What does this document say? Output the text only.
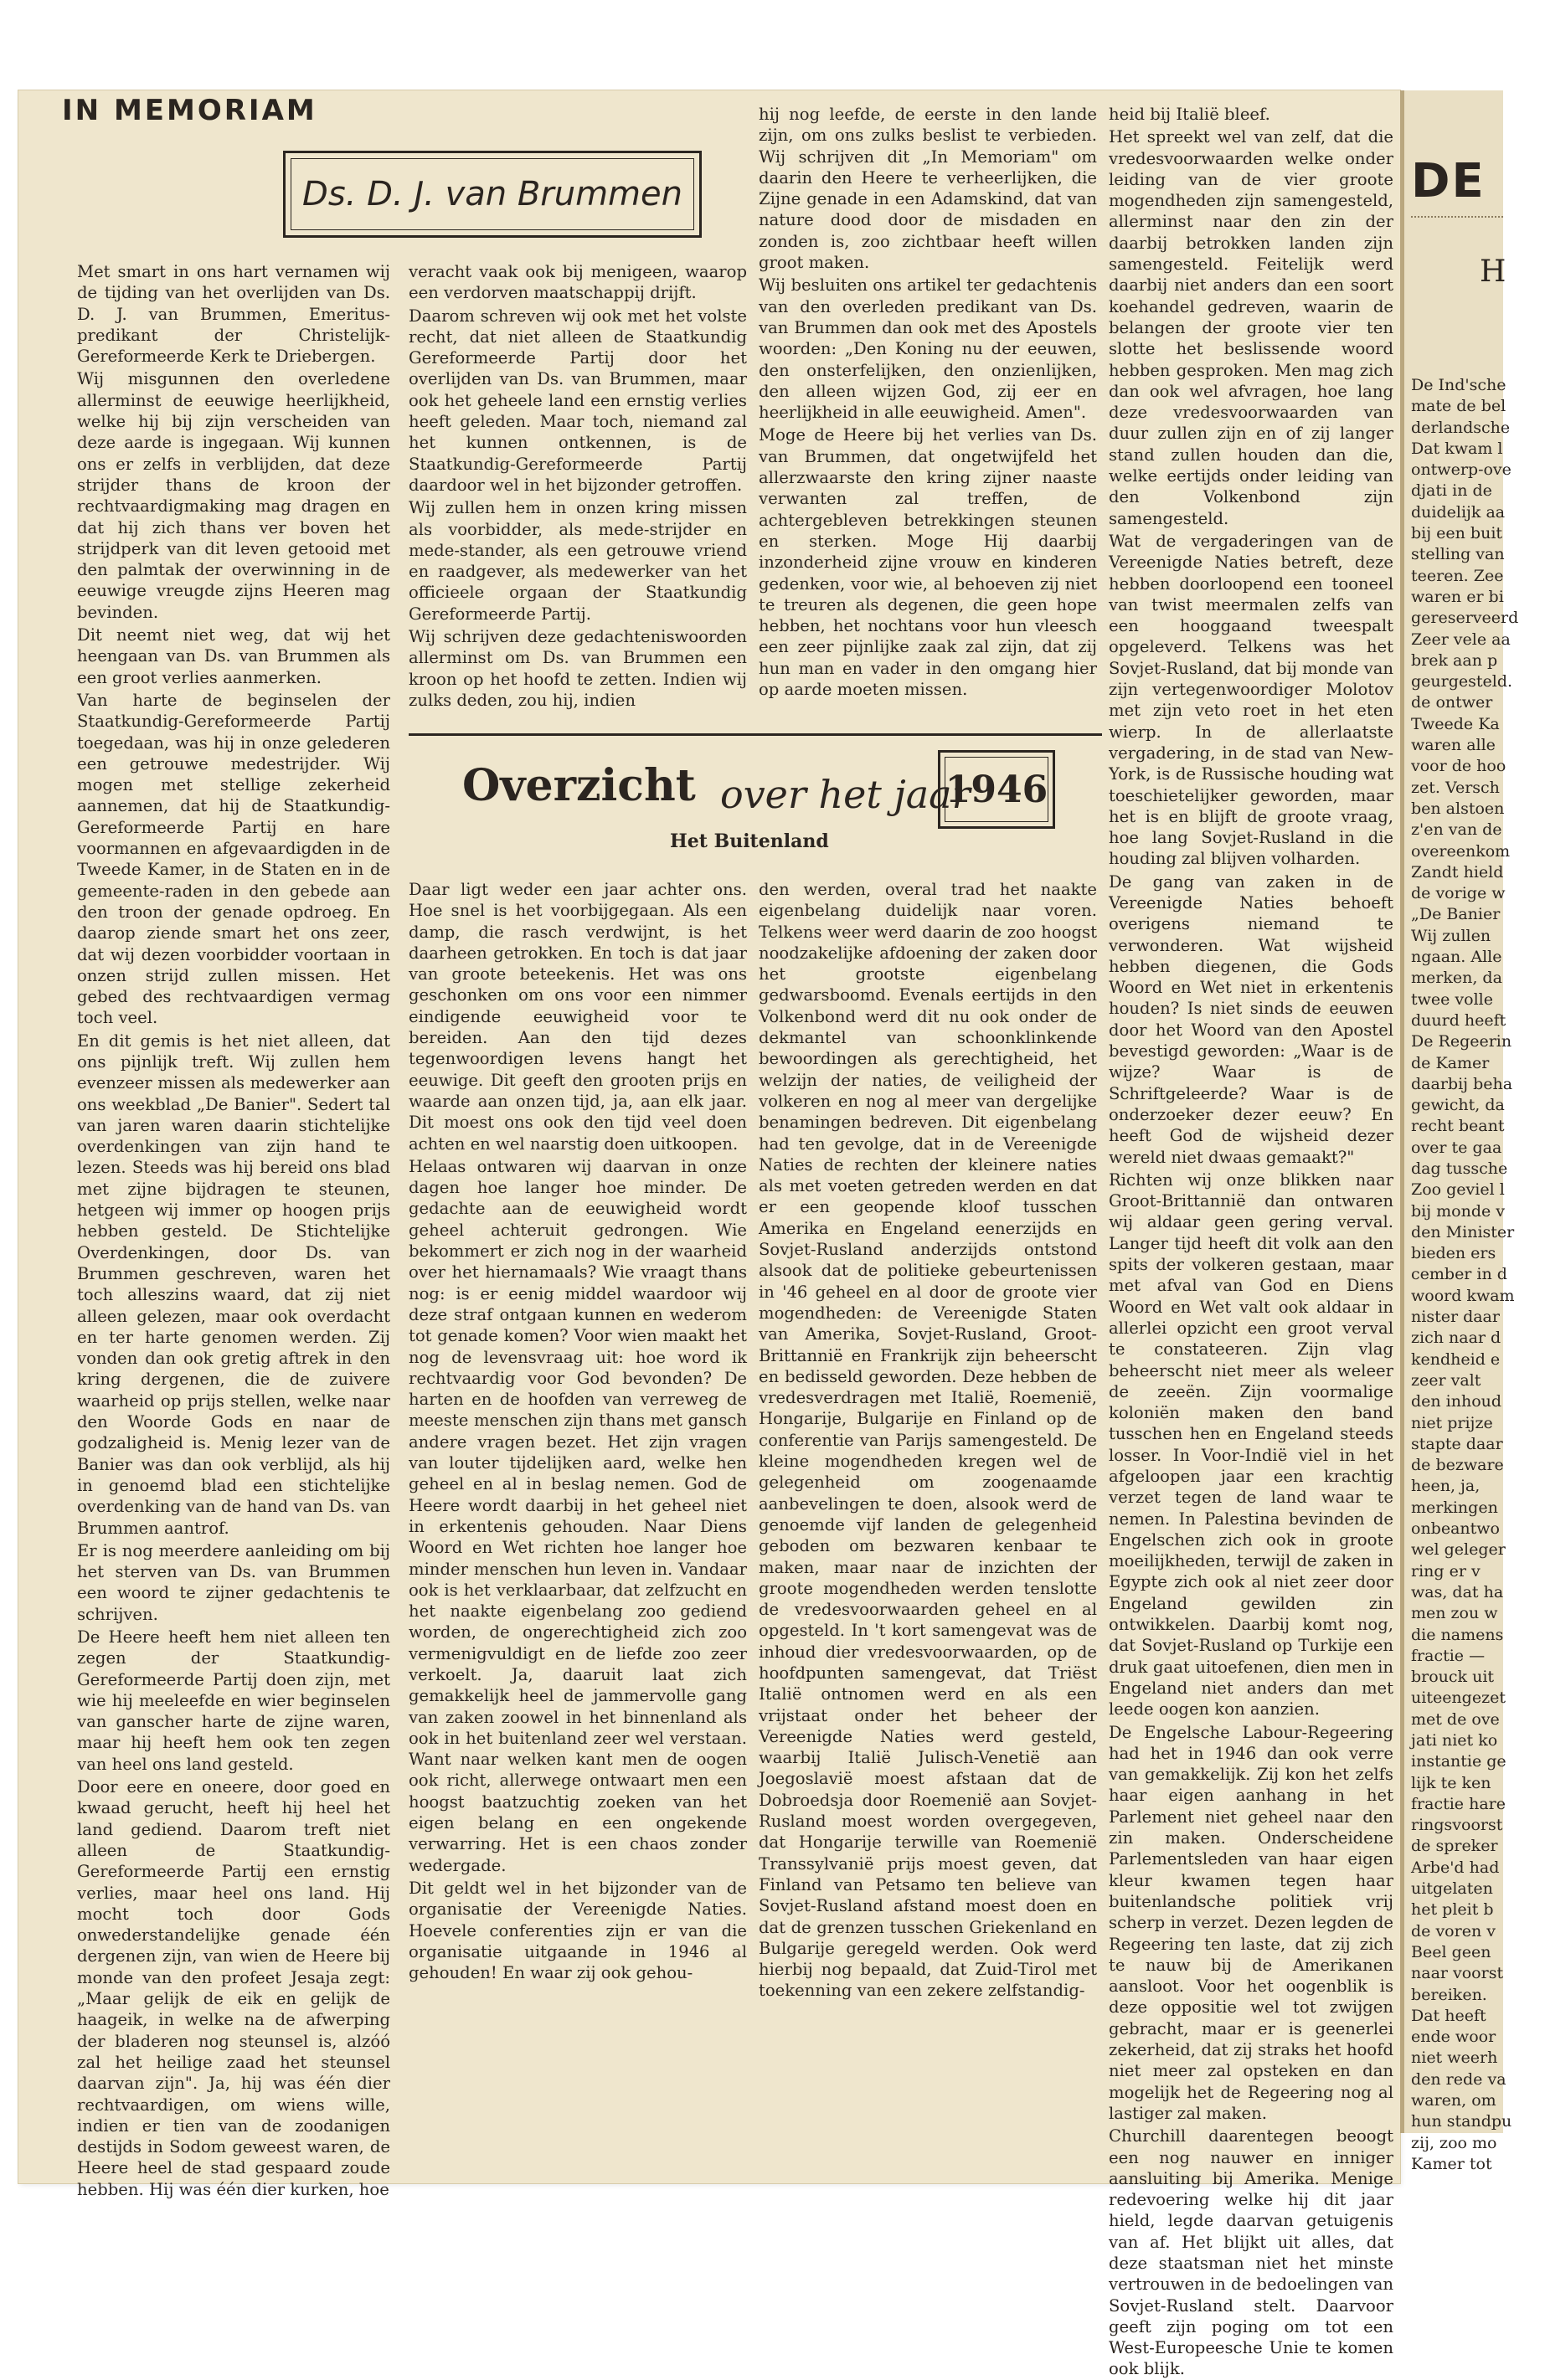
IN MEMORIAM
Ds. D. J. van Brummen

Met smart in ons hart vernamen wij de tijding van het overlijden van Ds. D. J. van Brummen, Emeritus-predikant der Christelijk-Gereformeerde Kerk te Driebergen.

Wij misgunnen den overledene allerminst de eeuwige heerlijkheid, welke hij bij zijn verscheiden van deze aarde is ingegaan. Wij kunnen ons er zelfs in verblijden, dat deze strijder thans de kroon der rechtvaardigmaking mag dragen en dat hij zich thans ver boven het strijdperk van dit leven getooid met den palmtak der overwinning in de eeuwige vreugde zijns Heeren mag bevinden.

Dit neemt niet weg, dat wij het heengaan van Ds. van Brummen als een groot verlies aanmerken.

Van harte de beginselen der Staatkundig-Gereformeerde Partij toegedaan, was hij in onze gelederen een getrouwe medestrijder. Wij mogen met stellige zekerheid aannemen, dat hij de Staatkundig-Gereformeerde Partij en hare voormannen en afgevaardigden in de Tweede Kamer, in de Staten en in de gemeente-raden in den gebede aan den troon der genade opdroeg. En daarop ziende smart het ons zeer, dat wij dezen voorbidder voortaan in onzen strijd zullen missen. Het gebed des rechtvaardigen vermag toch veel.

En dit gemis is het niet alleen, dat ons pijnlijk treft. Wij zullen hem evenzeer missen als medewerker aan ons weekblad „De Banier". Sedert tal van jaren waren daarin stichtelijke overdenkingen van zijn hand te lezen. Steeds was hij bereid ons blad met zijne bijdragen te steunen, hetgeen wij immer op hoogen prijs hebben gesteld. De Stichtelijke Overdenkingen, door Ds. van Brummen geschreven, waren het toch alleszins waard, dat zij niet alleen gelezen, maar ook overdacht en ter harte genomen werden. Zij vonden dan ook gretig aftrek in den kring dergenen, die de zuivere waarheid op prijs stellen, welke naar den Woorde Gods en naar de godzaligheid is. Menig lezer van de Banier was dan ook verblijd, als hij in genoemd blad een stichtelijke overdenking van de hand van Ds. van Brummen aantrof.

Er is nog meerdere aanleiding om bij het sterven van Ds. van Brummen een woord te zijner gedachtenis te schrijven.

De Heere heeft hem niet alleen ten zegen der Staatkundig-Gereformeerde Partij doen zijn, met wie hij meeleefde en wier beginselen van ganscher harte de zijne waren, maar hij heeft hem ook ten zegen van heel ons land gesteld.

Door eere en oneere, door goed en kwaad gerucht, heeft hij heel het land gediend. Daarom treft niet alleen de Staatkundig-Gereformeerde Partij een ernstig verlies, maar heel ons land. Hij mocht toch door Gods onwederstandelijke genade één dergenen zijn, van wien de Heere bij monde van den profeet Jesaja zegt: „Maar gelijk de eik en gelijk de haageik, in welke na de afwerping der bladeren nog steunsel is, alzóó zal het heilige zaad het steunsel daarvan zijn". Ja, hij was één dier rechtvaardigen, om wiens wille, indien er tien van de zoodanigen destijds in Sodom geweest waren, de Heere heel de stad gespaard zoude hebben. Hij was één dier kurken, hoe

veracht vaak ook bij menigeen, waarop een verdorven maatschappij drijft.

Daarom schreven wij ook met het volste recht, dat niet alleen de Staatkundig Gereformeerde Partij door het overlijden van Ds. van Brummen, maar ook het geheele land een ernstig verlies heeft geleden. Maar toch, niemand zal het kunnen ontkennen, is de Staatkundig-Gereformeerde Partij daardoor wel in het bijzonder getroffen.

Wij zullen hem in onzen kring missen als voorbidder, als mede-strijder en mede-stander, als een getrouwe vriend en raadgever, als medewerker van het officieele orgaan der Staatkundig Gereformeerde Partij.

Wij schrijven deze gedachteniswoorden allerminst om Ds. van Brummen een kroon op het hoofd te zetten. Indien wij zulks deden, zou hij, indien

hij nog leefde, de eerste in den lande zijn, om ons zulks beslist te verbieden. Wij schrijven dit „In Memoriam" om daarin den Heere te verheerlijken, die Zijne genade in een Adamskind, dat van nature dood door de misdaden en zonden is, zoo zichtbaar heeft willen groot maken.

Wij besluiten ons artikel ter gedachtenis van den overleden predikant van Ds. van Brummen dan ook met des Apostels woorden: „Den Koning nu der eeuwen, den onsterfelijken, den onzienlijken, den alleen wijzen God, zij eer en heerlijkheid in alle eeuwigheid. Amen".

Moge de Heere bij het verlies van Ds. van Brummen, dat ongetwijfeld het allerzwaarste den kring zijner naaste verwanten zal treffen, de achtergebleven betrekkingen steunen en sterken. Moge Hij daarbij inzonderheid zijne vrouw en kinderen gedenken, voor wie, al behoeven zij niet te treuren als degenen, die geen hope hebben, het nochtans voor hun vleesch een zeer pijnlijke zaak zal zijn, dat zij hun man en vader in den omgang hier op aarde moeten missen.

Overzicht over het jaar
1946
Het Buitenland

Daar ligt weder een jaar achter ons. Hoe snel is het voorbijgegaan. Als een damp, die rasch verdwijnt, is het daarheen getrokken. En toch is dat jaar van groote beteekenis. Het was ons geschonken om ons voor een nimmer eindigende eeuwigheid voor te bereiden. Aan den tijd dezes tegenwoordigen levens hangt het eeuwige. Dit geeft den grooten prijs en waarde aan onzen tijd, ja, aan elk jaar. Dit moest ons ook den tijd veel doen achten en wel naarstig doen uitkoopen.

Helaas ontwaren wij daarvan in onze dagen hoe langer hoe minder. De gedachte aan de eeuwigheid wordt geheel achteruit gedrongen. Wie bekommert er zich nog in der waarheid over het hiernamaals? Wie vraagt thans nog: is er eenig middel waardoor wij deze straf ontgaan kunnen en wederom tot genade komen? Voor wien maakt het nog de levensvraag uit: hoe word ik rechtvaardig voor God bevonden? De harten en de hoofden van verreweg de meeste menschen zijn thans met gansch andere vragen bezet. Het zijn vragen van louter tijdelijken aard, welke hen geheel en al in beslag nemen. God de Heere wordt daarbij in het geheel niet in erkentenis gehouden. Naar Diens Woord en Wet richten hoe langer hoe minder menschen hun leven in. Vandaar ook is het verklaarbaar, dat zelfzucht en het naakte eigenbelang zoo gediend worden, de ongerechtigheid zich zoo vermenigvuldigt en de liefde zoo zeer verkoelt. Ja, daaruit laat zich gemakkelijk heel de jammervolle gang van zaken zoowel in het binnenland als ook in het buitenland zeer wel verstaan. Want naar welken kant men de oogen ook richt, allerwege ontwaart men een hoogst baatzuchtig zoeken van het eigen belang en een ongekende verwarring. Het is een chaos zonder wedergade.

Dit geldt wel in het bijzonder van de organisatie der Vereenigde Naties. Hoevele conferenties zijn er van die organisatie uitgaande in 1946 al gehouden! En waar zij ook gehou-

den werden, overal trad het naakte eigenbelang duidelijk naar voren. Telkens weer werd daarin de zoo hoogst noodzakelijke afdoening der zaken door het grootste eigenbelang gedwarsboomd. Evenals eertijds in den Volkenbond werd dit nu ook onder de dekmantel van schoonklinkende bewoordingen als gerechtigheid, het welzijn der naties, de veiligheid der volkeren en nog al meer van dergelijke benamingen bedreven. Dit eigenbelang had ten gevolge, dat in de Vereenigde Naties de rechten der kleinere naties als met voeten getreden werden en dat er een geopende kloof tusschen Amerika en Engeland eenerzijds en Sovjet-Rusland anderzijds ontstond alsook dat de politieke gebeurtenissen in '46 geheel en al door de groote vier mogendheden: de Vereenigde Staten van Amerika, Sovjet-Rusland, Groot-Brittannië en Frankrijk zijn beheerscht en bedisseld geworden. Deze hebben de vredesverdragen met Italië, Roemenië, Hongarije, Bulgarije en Finland op de conferentie van Parijs samengesteld. De kleine mogendheden kregen wel de gelegenheid om zoogenaamde aanbevelingen te doen, alsook werd de genoemde vijf landen de gelegenheid geboden om bezwaren kenbaar te maken, maar naar de inzichten der groote mogendheden werden tenslotte de vredesvoorwaarden geheel en al opgesteld. In 't kort samengevat was de inhoud dier vredesvoorwaarden, op de hoofdpunten samengevat, dat Triëst Italië ontnomen werd en als een vrijstaat onder het beheer der Vereenigde Naties werd gesteld, waarbij Italië Julisch-Venetië aan Joegoslavië moest afstaan dat de Dobroedsja door Roemenië aan Sovjet-Rusland moest worden overgegeven, dat Hongarije terwille van Roemenië Transsylvanië prijs moest geven, dat Finland van Petsamo ten believe van Sovjet-Rusland afstand moest doen en dat de grenzen tusschen Griekenland en Bulgarije geregeld werden. Ook werd hierbij nog bepaald, dat Zuid-Tirol met toekenning van een zekere zelfstandig-

heid bij Italië bleef.

Het spreekt wel van zelf, dat die vredesvoorwaarden welke onder leiding van de vier groote mogendheden zijn samengesteld, allerminst naar den zin der daarbij betrokken landen zijn samengesteld. Feitelijk werd daarbij niet anders dan een soort koehandel gedreven, waarin de belangen der groote vier ten slotte het beslissende woord hebben gesproken. Men mag zich dan ook wel afvragen, hoe lang deze vredesvoorwaarden van duur zullen zijn en of zij langer stand zullen houden dan die, welke eertijds onder leiding van den Volkenbond zijn samengesteld.

Wat de vergaderingen van de Vereenigde Naties betreft, deze hebben doorloopend een tooneel van twist meermalen zelfs van een hooggaand tweespalt opgeleverd. Telkens was het Sovjet-Rusland, dat bij monde van zijn vertegenwoordiger Molotov met zijn veto roet in het eten wierp. In de allerlaatste vergadering, in de stad van New-York, is de Russische houding wat toeschietelijker geworden, maar het is en blijft de groote vraag, hoe lang Sovjet-Rusland in die houding zal blijven volharden.

De gang van zaken in de Vereenigde Naties behoeft overigens niemand te verwonderen. Wat wijsheid hebben diegenen, die Gods Woord en Wet niet in erkentenis houden? Is niet sinds de eeuwen door het Woord van den Apostel bevestigd geworden: „Waar is de wijze? Waar is de Schriftgeleerde? Waar is de onderzoeker dezer eeuw? En heeft God de wijsheid dezer wereld niet dwaas gemaakt?"

Richten wij onze blikken naar Groot-Brittannië dan ontwaren wij aldaar geen gering verval. Langer tijd heeft dit volk aan den spits der volkeren gestaan, maar met afval van God en Diens Woord en Wet valt ook aldaar in allerlei opzicht een groot verval te constateeren. Zijn vlag beheerscht niet meer als weleer de zeeën. Zijn voormalige koloniën maken den band tusschen hen en Engeland steeds losser. In Voor-Indië viel in het afgeloopen jaar een krachtig verzet tegen de land waar te nemen. In Palestina bevinden de Engelschen zich ook in groote moeilijkheden, terwijl de zaken in Egypte zich ook al niet zeer door Engeland gewilden zin ontwikkelen. Daarbij komt nog, dat Sovjet-Rusland op Turkije een druk gaat uitoefenen, dien men in Engeland niet anders dan met leede oogen kon aanzien.

De Engelsche Labour-Regeering had het in 1946 dan ook verre van gemakkelijk. Zij kon het zelfs haar eigen aanhang in het Parlement niet geheel naar den zin maken. Onderscheidene Parlementsleden van haar eigen kleur kwamen tegen haar buitenlandsche politiek vrij scherp in verzet. Dezen legden de Regeering ten laste, dat zij zich te nauw bij de Amerikanen aansloot. Voor het oogenblik is deze oppositie wel tot zwijgen gebracht, maar er is geenerlei zekerheid, dat zij straks het hoofd niet meer zal opsteken en dan mogelijk het de Regeering nog al lastiger zal maken.

Churchill daarentegen beoogt een nog nauwer en inniger aansluiting bij Amerika. Menige redevoering welke hij dit jaar hield, legde daarvan getuigenis van af. Het blijkt uit alles, dat deze staatsman niet het minste vertrouwen in de bedoelingen van Sovjet-Rusland stelt. Daarvoor geeft zijn poging om tot een West-Europeesche Unie te komen ook blijk.

DE
H
De Ind'sche
mate de bel
derlandsche
Dat kwam l
ontwerp-ove
djati in de
duidelijk aa
bij een buit
stelling van
teeren. Zee
waren er bi
gereserveerd
Zeer vele aa
brek aan p
geurgesteld.
de ontwer
Tweede Ka
waren alle
voor de hoo
zet. Versch
ben alstoen
z'en van de
overeenkom
Zandt hield
de vorige w
„De Banier
Wij zullen
ngaan. Alle
merken, da
twee volle
duurd heeft
De Regeerin
de Kamer
daarbij beha
gewicht, da
recht beant
over te gaa
dag tussche
Zoo geviel l
bij monde v
den Minister
bieden ers
cember in d
woord kwam
nister daar
zich naar d
kendheid e
zeer valt
den inhoud
niet prijze
stapte daar
de bezware
heen, ja,
merkingen
onbeantwo
wel geleger
ring er v
was, dat ha
men zou w
die namens
fractie —
brouck uit
uiteengezet
met de ove
jati niet ko
instantie ge
lijk te ken
fractie hare
ringsvoorst
de spreker
Arbe'd had
uitgelaten
het pleit b
de voren v
Beel geen
naar voorst
bereiken.
Dat heeft
ende woor
niet weerh
den rede va
waren, om
hun standpu
zij, zoo mo
Kamer tot
